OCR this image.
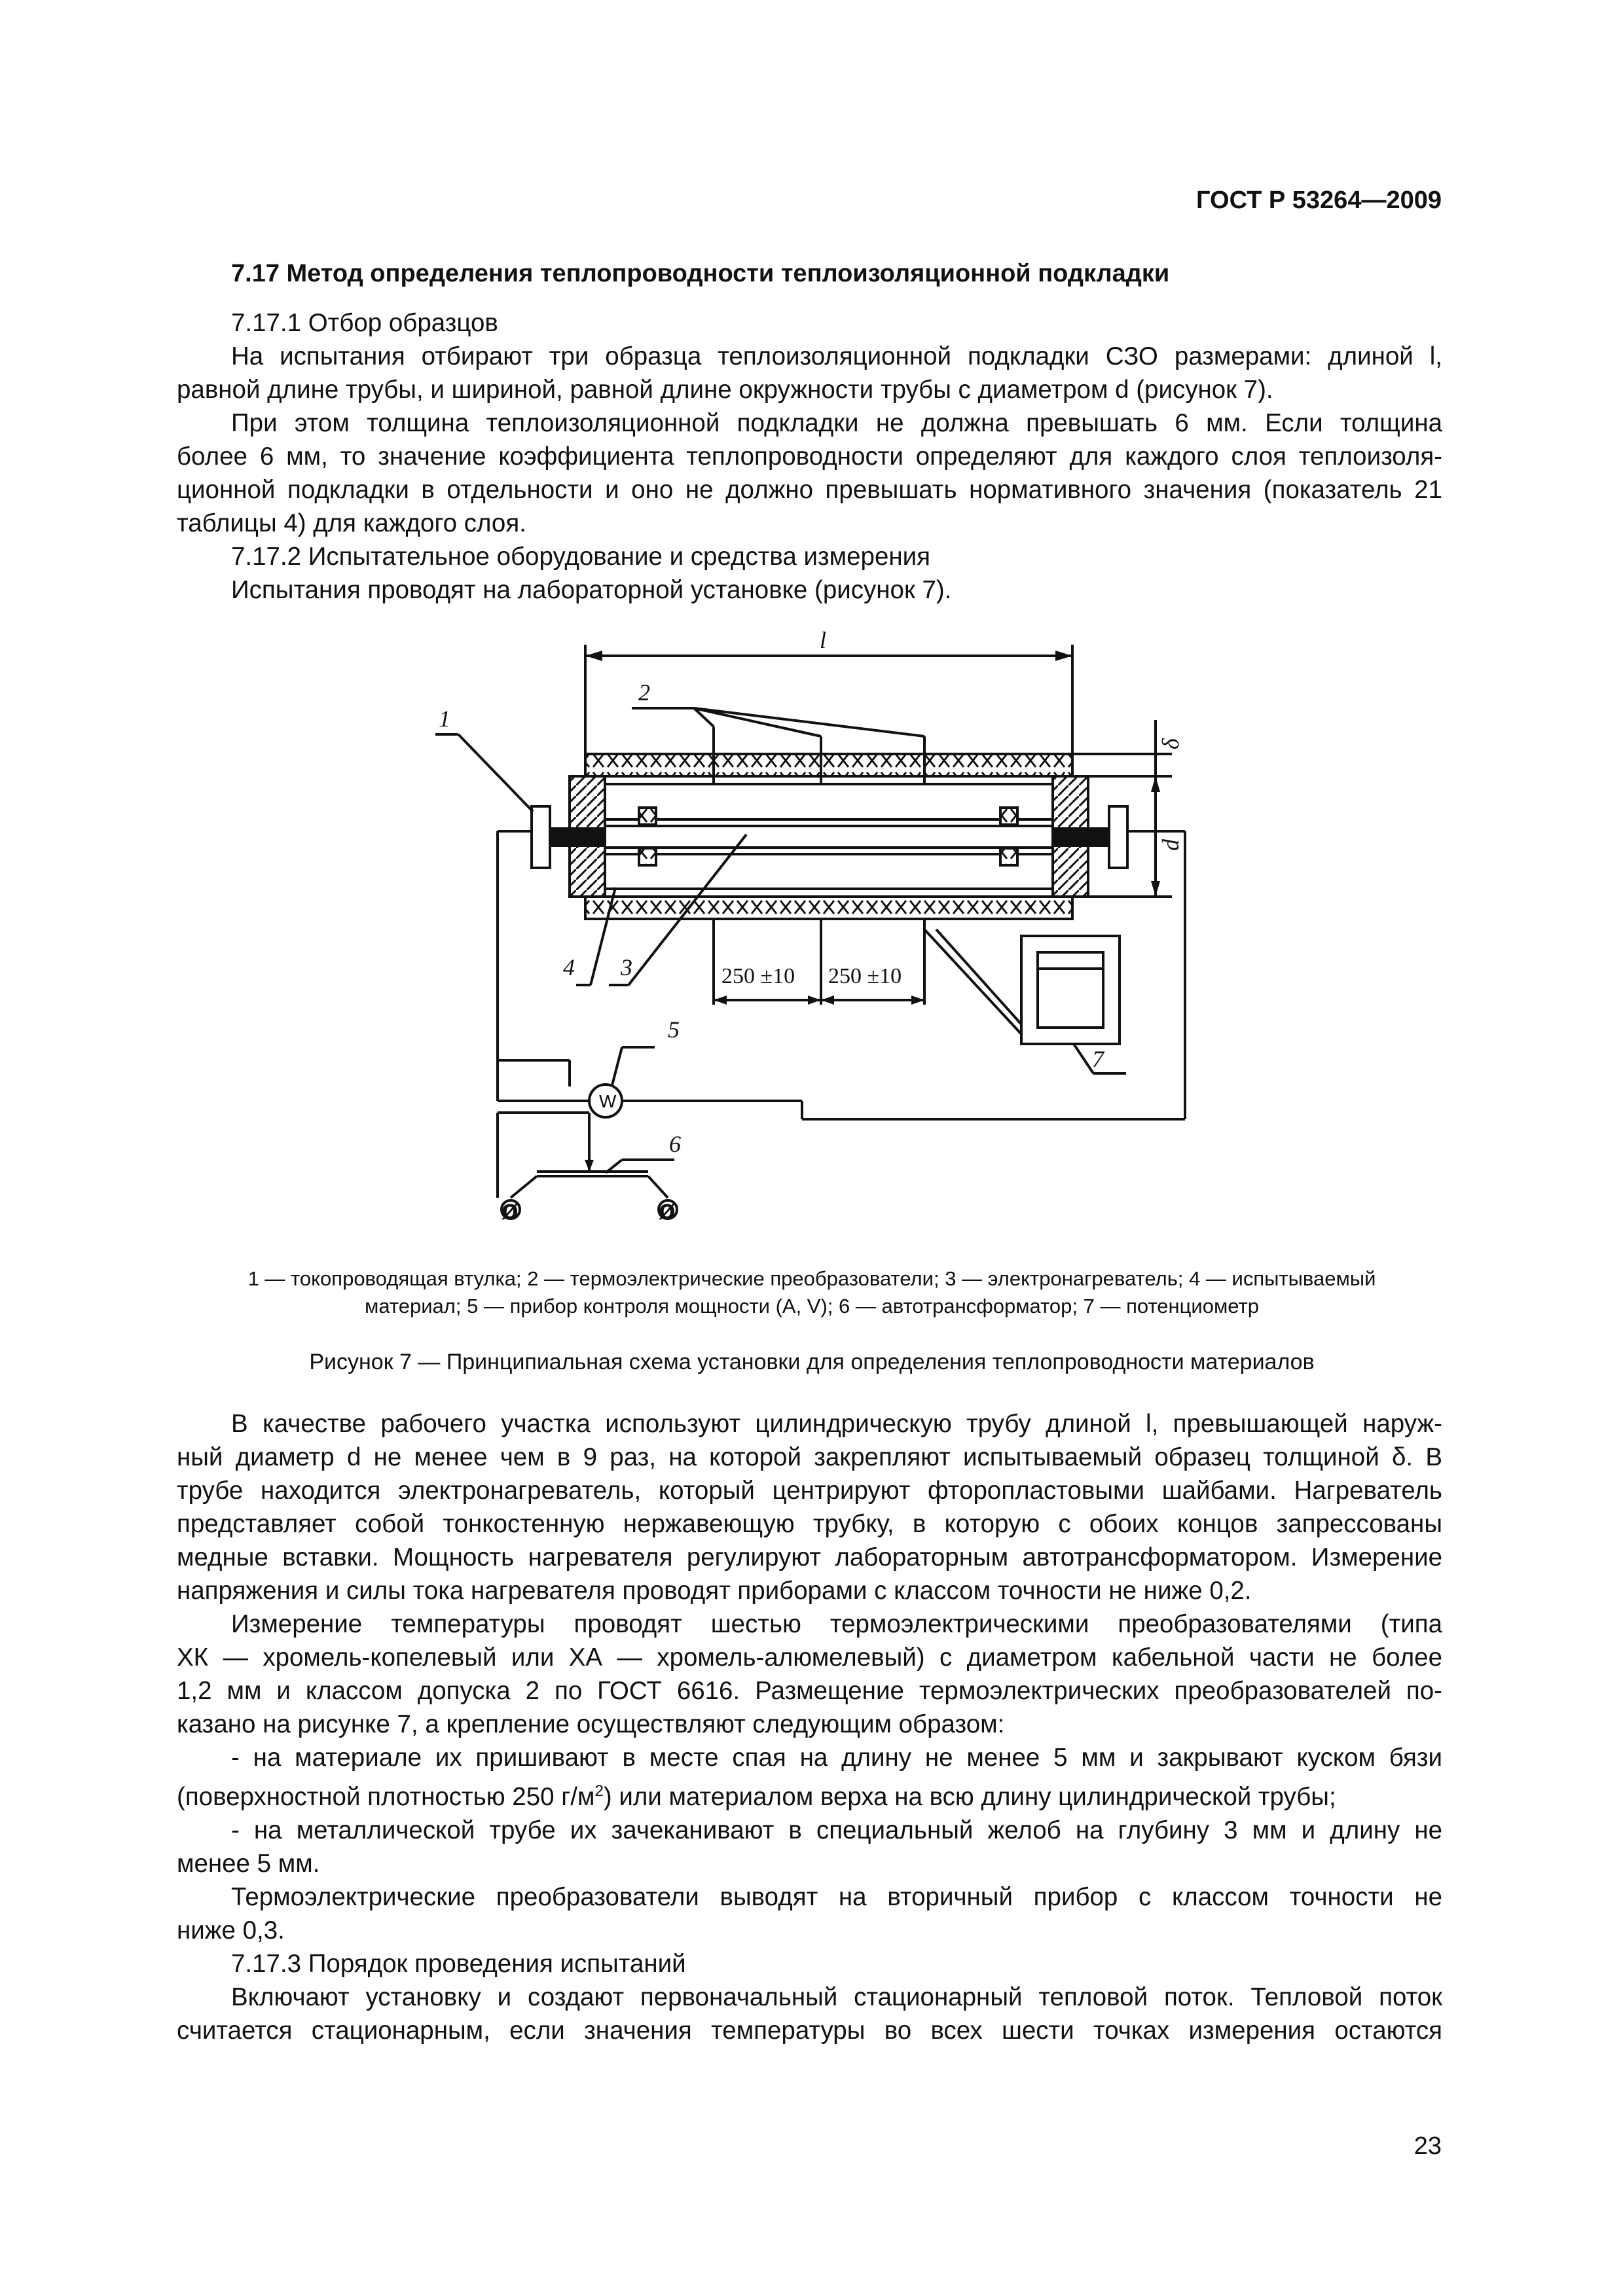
ГОСТ Р 53264—2009
7.17 Метод определения теплопроводности теплоизоляционной подкладки
7.17.1 Отбор образцов
На испытания отбирают три образца теплоизоляционной подкладки СЗО размерами: длиной l,
равной длине трубы, и шириной, равной длине окружности трубы с диаметром d (рисунок 7).
При этом толщина теплоизоляционной подкладки не должна превышать 6 мм. Если толщина
более 6 мм, то значение коэффициента теплопроводности определяют для каждого слоя теплоизоля-
ционной подкладки в отдельности и оно не должно превышать нормативного значения (показатель 21
таблицы 4) для каждого слоя.
7.17.2 Испытательное оборудование и средства измерения
Испытания проводят на лабораторной установке (рисунок 7).
l
2
1
4 3
5
6
7
δ
d
250 ±10 250 ±10
W
ø	ø
1 — токопроводящая втулка; 2 — термоэлектрические преобразователи; 3 — электронагреватель; 4 — испытываемый
материал; 5 — прибор контроля мощности (А, V); 6 — автотрансформатор; 7 — потенциометр
Рисунок 7 — Принципиальная схема установки для определения теплопроводности материалов
В качестве рабочего участка используют цилиндрическую трубу длиной l, превышающей наруж-
ный диаметр d не менее чем в 9 раз, на которой закрепляют испытываемый образец толщиной δ. В
трубе находится электронагреватель, который центрируют фторопластовыми шайбами. Нагреватель
представляет собой тонкостенную нержавеющую трубку, в которую с обоих концов запрессованы
медные вставки. Мощность нагревателя регулируют лабораторным автотрансформатором. Измерение
напряжения и силы тока нагревателя проводят приборами с классом точности не ниже 0,2.
Измерение температуры проводят шестью термоэлектрическими преобразователями (типа
ХК — хромель-копелевый или ХА — хромель-алюмелевый) с диаметром кабельной части не более
1,2 мм и классом допуска 2 по ГОСТ 6616. Размещение термоэлектрических преобразователей по-
казано на рисунке 7, а крепление осуществляют следующим образом:
- на материале их пришивают в месте спая на длину не менее 5 мм и закрывают куском бязи
(поверхностной плотностью 250 $г/м^2$) или материалом верха на всю длину цилиндрической трубы;
- на металлической трубе их зачеканивают в специальный желоб на глубину 3 мм и длину не
менее 5 мм.
Термоэлектрические преобразователи выводят на вторичный прибор с классом точности не
ниже 0,3.
7.17.3 Порядок проведения испытаний
Включают установку и создают первоначальный стационарный тепловой поток. Тепловой поток
считается стационарным, если значения температуры во всех шести точках измерения остаются
23
